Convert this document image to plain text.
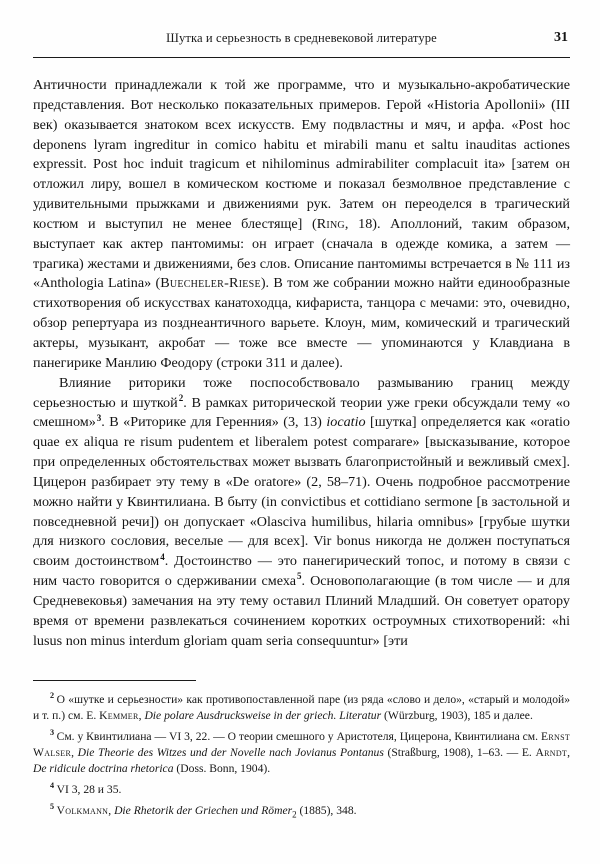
Шутка и серьезность в средневековой литературе	31

Античности принадлежали к той же программе, что и музыкально-акробатические представления. Вот несколько показательных примеров. Герой «Historia Apollonii» (III век) оказывается знатоком всех искусств. Ему подвластны и мяч, и арфа. «Post hoc deponens lyram ingreditur in comico habitu et mirabili manu et saltu inauditas actiones expressit. Post hoc induit tragicum et nihilominus admirabiliter complacuit ita» [затем он отложил лиру, вошел в комическом костюме и показал безмолвное представление с удивительными прыжками и движениями рук. Затем он переоделся в трагический костюм и выступил не менее блестяще] (Ring, 18). Аполлоний, таким образом, выступает как актер пантомимы: он играет (сначала в одежде комика, а затем — трагика) жестами и движениями, без слов. Описание пантомимы встречается в № 111 из «Anthologia Latina» (Buecheler-Riese). В том же собрании можно найти единообразные стихотворения об искусствах канатоходца, кифариста, танцора с мечами: это, очевидно, обзор репертуара из позднеантичного варьете. Клоун, мим, комический и трагический актеры, музыкант, акробат — тоже все вместе — упоминаются у Клавдиана в панегирике Манлию Феодору (строки 311 и далее).

Влияние риторики тоже поспособствовало размыванию границ между серьезностью и шуткой$^2$. В рамках риторической теории уже греки обсуждали тему «о смешном»$^3$. В «Риторике для Геренния» (3, 13) iocatio [шутка] определяется как «oratio quae ex aliqua re risum pudentem et liberalem potest comparare» [высказывание, которое при определенных обстоятельствах может вызвать благопристойный и вежливый смех]. Цицерон разбирает эту тему в «De oratore» (2, 58–71). Очень подробное рассмотрение можно найти у Квинтилиана. В быту (in convictibus et cottidiano sermone [в застольной и повседневной речи]) он допускает «Olasciva humilibus, hilaria omnibus» [грубые шутки для низкого сословия, веселые — для всех]. Vir bonus никогда не должен поступаться своим достоинством$^4$. Достоинство — это панегирический топос, и потому в связи с ним часто говорится о сдерживании смеха$^5$. Основополагающие (в том числе — и для Средневековья) замечания на эту тему оставил Плиний Младший. Он советует оратору время от времени развлекаться сочинением коротких остроумных стихотворений: «hi lusus non minus interdum gloriam quam seria consequuntur» [эти

$^2$ О «шутке и серьезности» как противопоставленной паре (из ряда «слово и дело», «старый и молодой» и т. п.) см. Е. Kemmer, Die polare Ausdrucksweise in der griech. Literatur (Würzburg, 1903), 185 и далее.

$^3$ См. у Квинтилиана — VI 3, 22. — О теории смешного у Аристотеля, Цицерона, Квинтилиана см. Ernst Walser, Die Theorie des Witzes und der Novelle nach Jovianus Pontanus (Straßburg, 1908), 1–63. — E. Arndt, De ridicule doctrina rhetorica (Doss. Bonn, 1904).

$^4$ VI 3, 28 и 35.

$^5$ Volkmann, Die Rhetorik der Griechen und Römer$_2$ (1885), 348.
